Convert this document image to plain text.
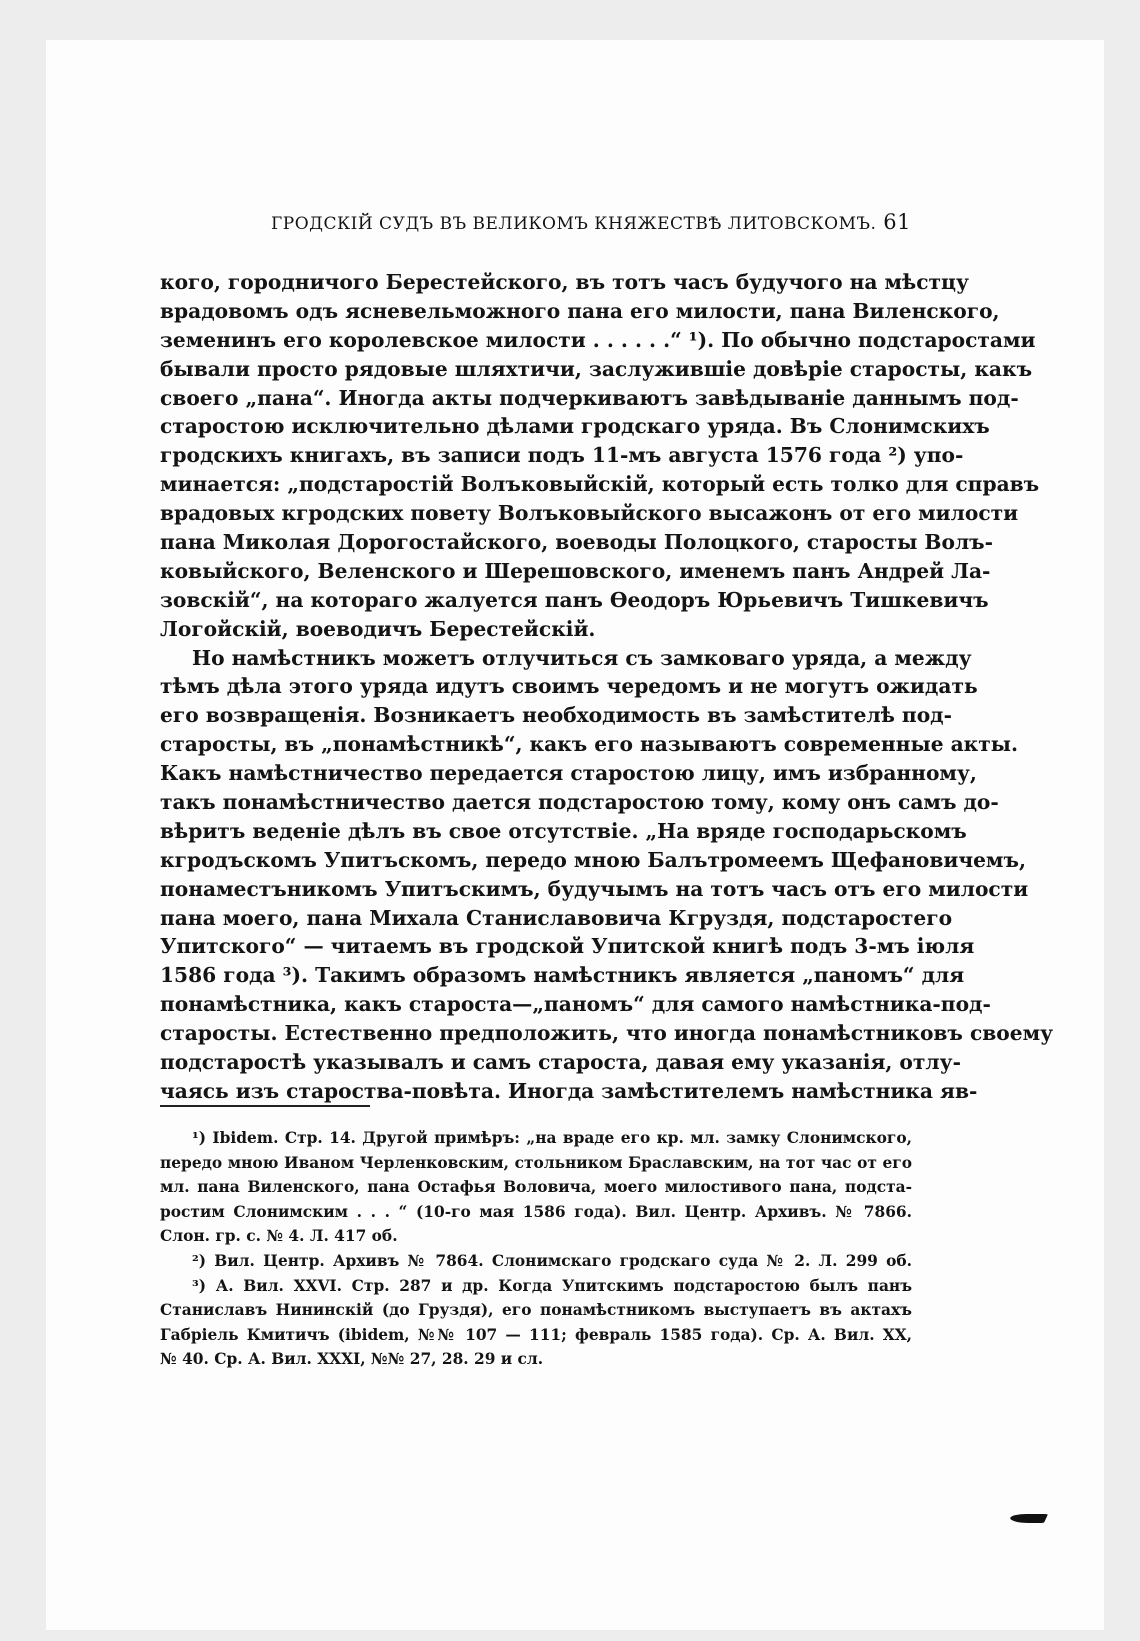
ГРОДСКІЙ СУДЪ ВЪ ВЕЛИКОМЪ КНЯЖЕСТВѢ ЛИТОВСКОМЪ. 61
кого, городничого Берестейского, въ тотъ часъ будучого на мѣстцу
врадовомъ одъ ясневельможного пана его милости, пана Виленского,
земенинъ его королевское милости . . . . . .“ ¹). По обычно подстаростами
бывали просто рядовые шляхтичи, заслужившіе довѣріе старосты, какъ
своего „пана“. Иногда акты подчеркиваютъ завѣдываніе даннымъ под-
старостою исключительно дѣлами гродскаго уряда. Въ Слонимскихъ
гродскихъ книгахъ, въ записи подъ 11-мъ августа 1576 года ²) упо-
минается: „подстаростій Волъковыйскій, который есть толко для справъ
врадовых кгродских повету Волъковыйского высажонъ от его милости
пана Миколая Дорогостайского, воеводы Полоцкого, старосты Волъ-
ковыйского, Веленского и Шерешовского, именемъ панъ Андрей Ла-
зовскій“, на которагo жалуется панъ Ѳеодоръ Юрьевичъ Тишкевичъ
Логойскій, воеводичъ Берестейскій.
Но намѣстникъ можетъ отлучиться съ замковаго уряда, а между
тѣмъ дѣла этого уряда идутъ своимъ чередомъ и не могутъ ожидать
его возвращенія. Возникаетъ необходимость въ замѣстителѣ под-
старосты, въ „понамѣстникѣ“, какъ его называютъ современные акты.
Какъ намѣстничество передается старостою лицу, имъ избранному,
такъ понамѣстничество дается подстаростою тому, кому онъ самъ до-
вѣритъ веденіе дѣлъ въ свое отсутствіе. „На вряде господарьскомъ
кгродъскомъ Упитъскомъ, передо мною Балътромеемъ Щефановичемъ,
понаместъникомъ Упитъскимъ, будучымъ на тотъ часъ отъ его милости
пана моего, пана Михала Станиславовича Кгруздя, подстаростего
Упитского“ — читаемъ въ гродской Упитской книгѣ подъ 3-мъ іюля
1586 года ³). Такимъ образомъ намѣстникъ является „паномъ“ для
понамѣстника, какъ староста—„паномъ“ для самого намѣстника-под-
старосты. Естественно предположить, что иногда понамѣстниковъ своему
подстаростѣ указывалъ и самъ староста, давая ему указанія, отлу-
чаясь изъ староства-повѣта. Иногда замѣстителемъ намѣстника яв-
¹) Ibidem. Стр. 14. Другой примѣръ: „на враде его кр. мл. замку Слонимского,
передо мною Иваном Черленковским, стольником Браславским, на тот час от его
мл. пана Виленского, пана Остафья Воловича, моего милостивого пана, подста-
ростим Слонимским . . . “ (10-го мая 1586 года). Вил. Центр. Архивъ. № 7866.
Слон. гр. с. № 4. Л. 417 об.
²) Вил. Центр. Архивъ № 7864. Слонимскаго гродскаго суда № 2. Л. 299 об.
³) А. Вил. XXVI. Стр. 287 и др. Когда Упитскимъ подстаростою былъ панъ
Станиславъ Нининскій (до Груздя), его понамѣстникомъ выступаетъ въ актахъ
Габріель Кмитичъ (ibidem, №№ 107 — 111; февраль 1585 года). Ср. А. Вил. XX,
№ 40. Ср. А. Вил. XXXI, №№ 27, 28. 29 и сл.
